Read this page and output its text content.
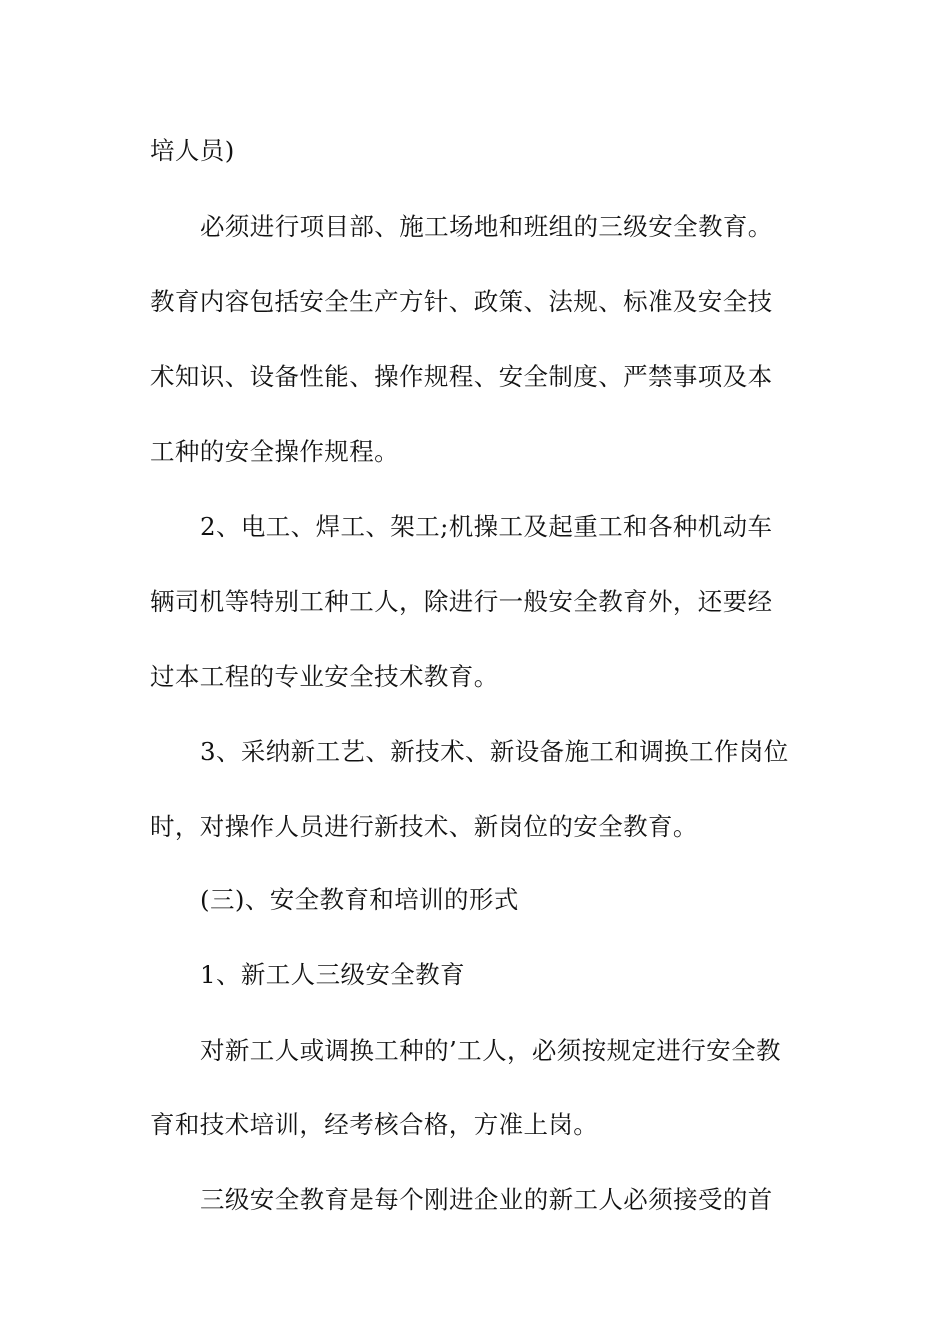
培人员)
必须进行项目部、施工场地和班组的三级安全教育。
教育内容包括安全生产方针、政策、法规、标准及安全技
术知识、设备性能、操作规程、安全制度、严禁事项及本
工种的安全操作规程。
2、电工、焊工、架工;机操工及起重工和各种机动车
辆司机等特别工种工人，除进行一般安全教育外，还要经
过本工程的专业安全技术教育。
3、采纳新工艺、新技术、新设备施工和调换工作岗位
时，对操作人员进行新技术、新岗位的安全教育。
(三)、安全教育和培训的形式
1、新工人三级安全教育
对新工人或调换工种的’工人，必须按规定进行安全教
育和技术培训，经考核合格，方准上岗。
三级安全教育是每个刚进企业的新工人必须接受的首
